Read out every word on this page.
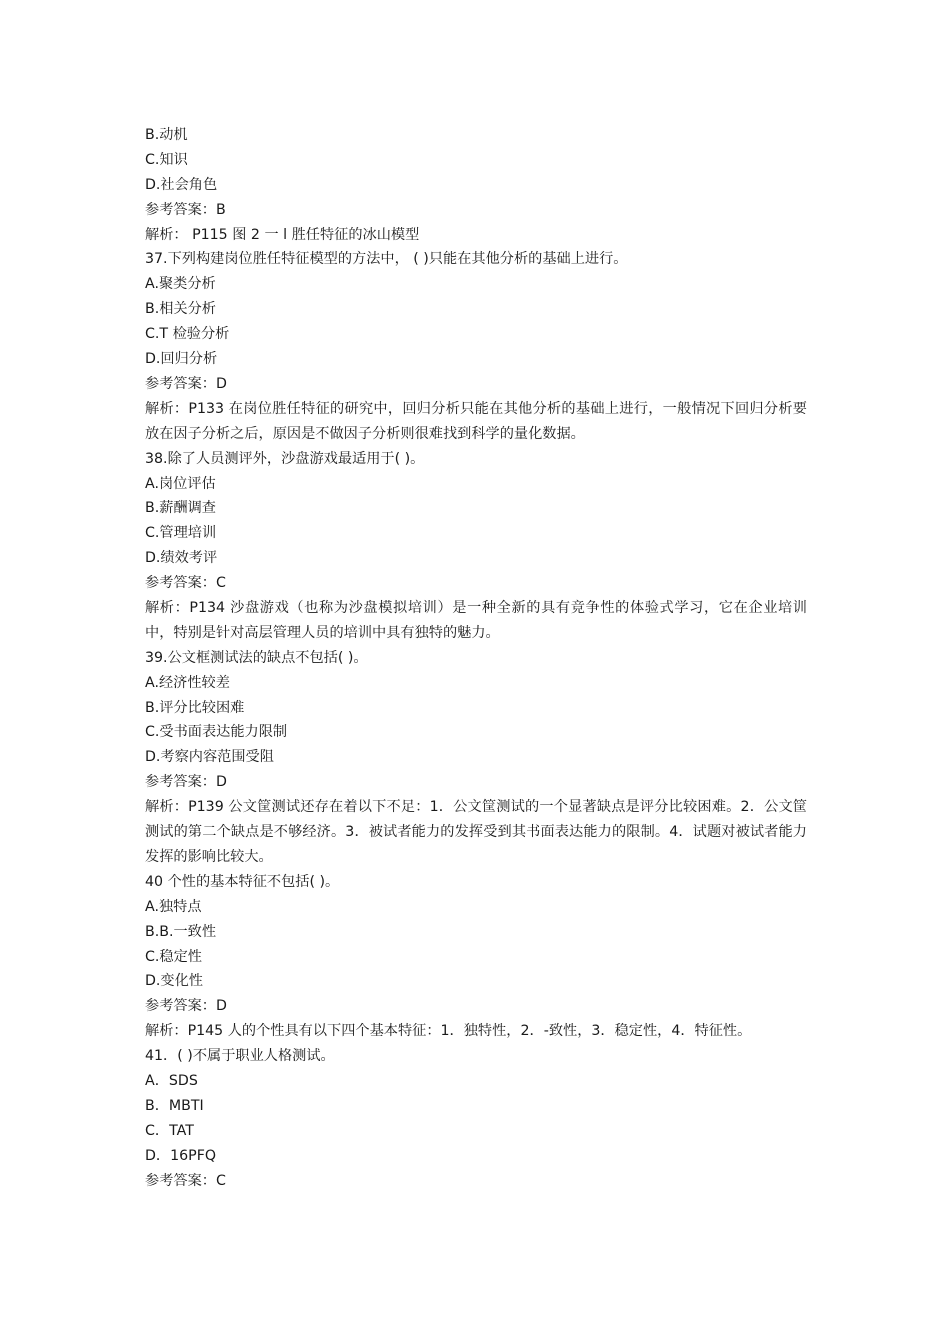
B.动机
C.知识
D.社会角色
参考答案：B
解析： P115 图 2 一 l 胜任特征的冰山模型
37.下列构建岗位胜任特征模型的方法中， ( )只能在其他分析的基础上进行。
A.聚类分析
B.相关分析
C.T 检验分析
D.回归分析
参考答案：D
解析：P133 在岗位胜任特征的研究中，回归分析只能在其他分析的基础上进行，一般情况下回归分析要放在因子分析之后，原因是不做因子分析则很难找到科学的量化数据。
38.除了人员测评外，沙盘游戏最适用于( )。
A.岗位评估
B.薪酬调查
C.管理培训
D.绩效考评
参考答案：C
解析：P134 沙盘游戏（也称为沙盘模拟培训）是一种全新的具有竞争性的体验式学习，它在企业培训中，特别是针对高层管理人员的培训中具有独特的魅力。
39.公文框测试法的缺点不包括( )。
A.经济性较差
B.评分比较困难
C.受书面表达能力限制
D.考察内容范围受阻
参考答案：D
解析：P139 公文筐测试还存在着以下不足：1．公文筐测试的一个显著缺点是评分比较困难。2．公文筐测试的第二个缺点是不够经济。3．被试者能力的发挥受到其书面表达能力的限制。4．试题对被试者能力发挥的影响比较大。
40 个性的基本特征不包括( )。
A.独特点
B.B.一致性
C.稳定性
D.变化性
参考答案：D
解析：P145 人的个性具有以下四个基本特征：1．独特性，2．-致性，3．稳定性，4．特征性。
41．( )不属于职业人格测试。
A．SDS
B．MBTI
C．TAT
D．16PFQ
参考答案：C
